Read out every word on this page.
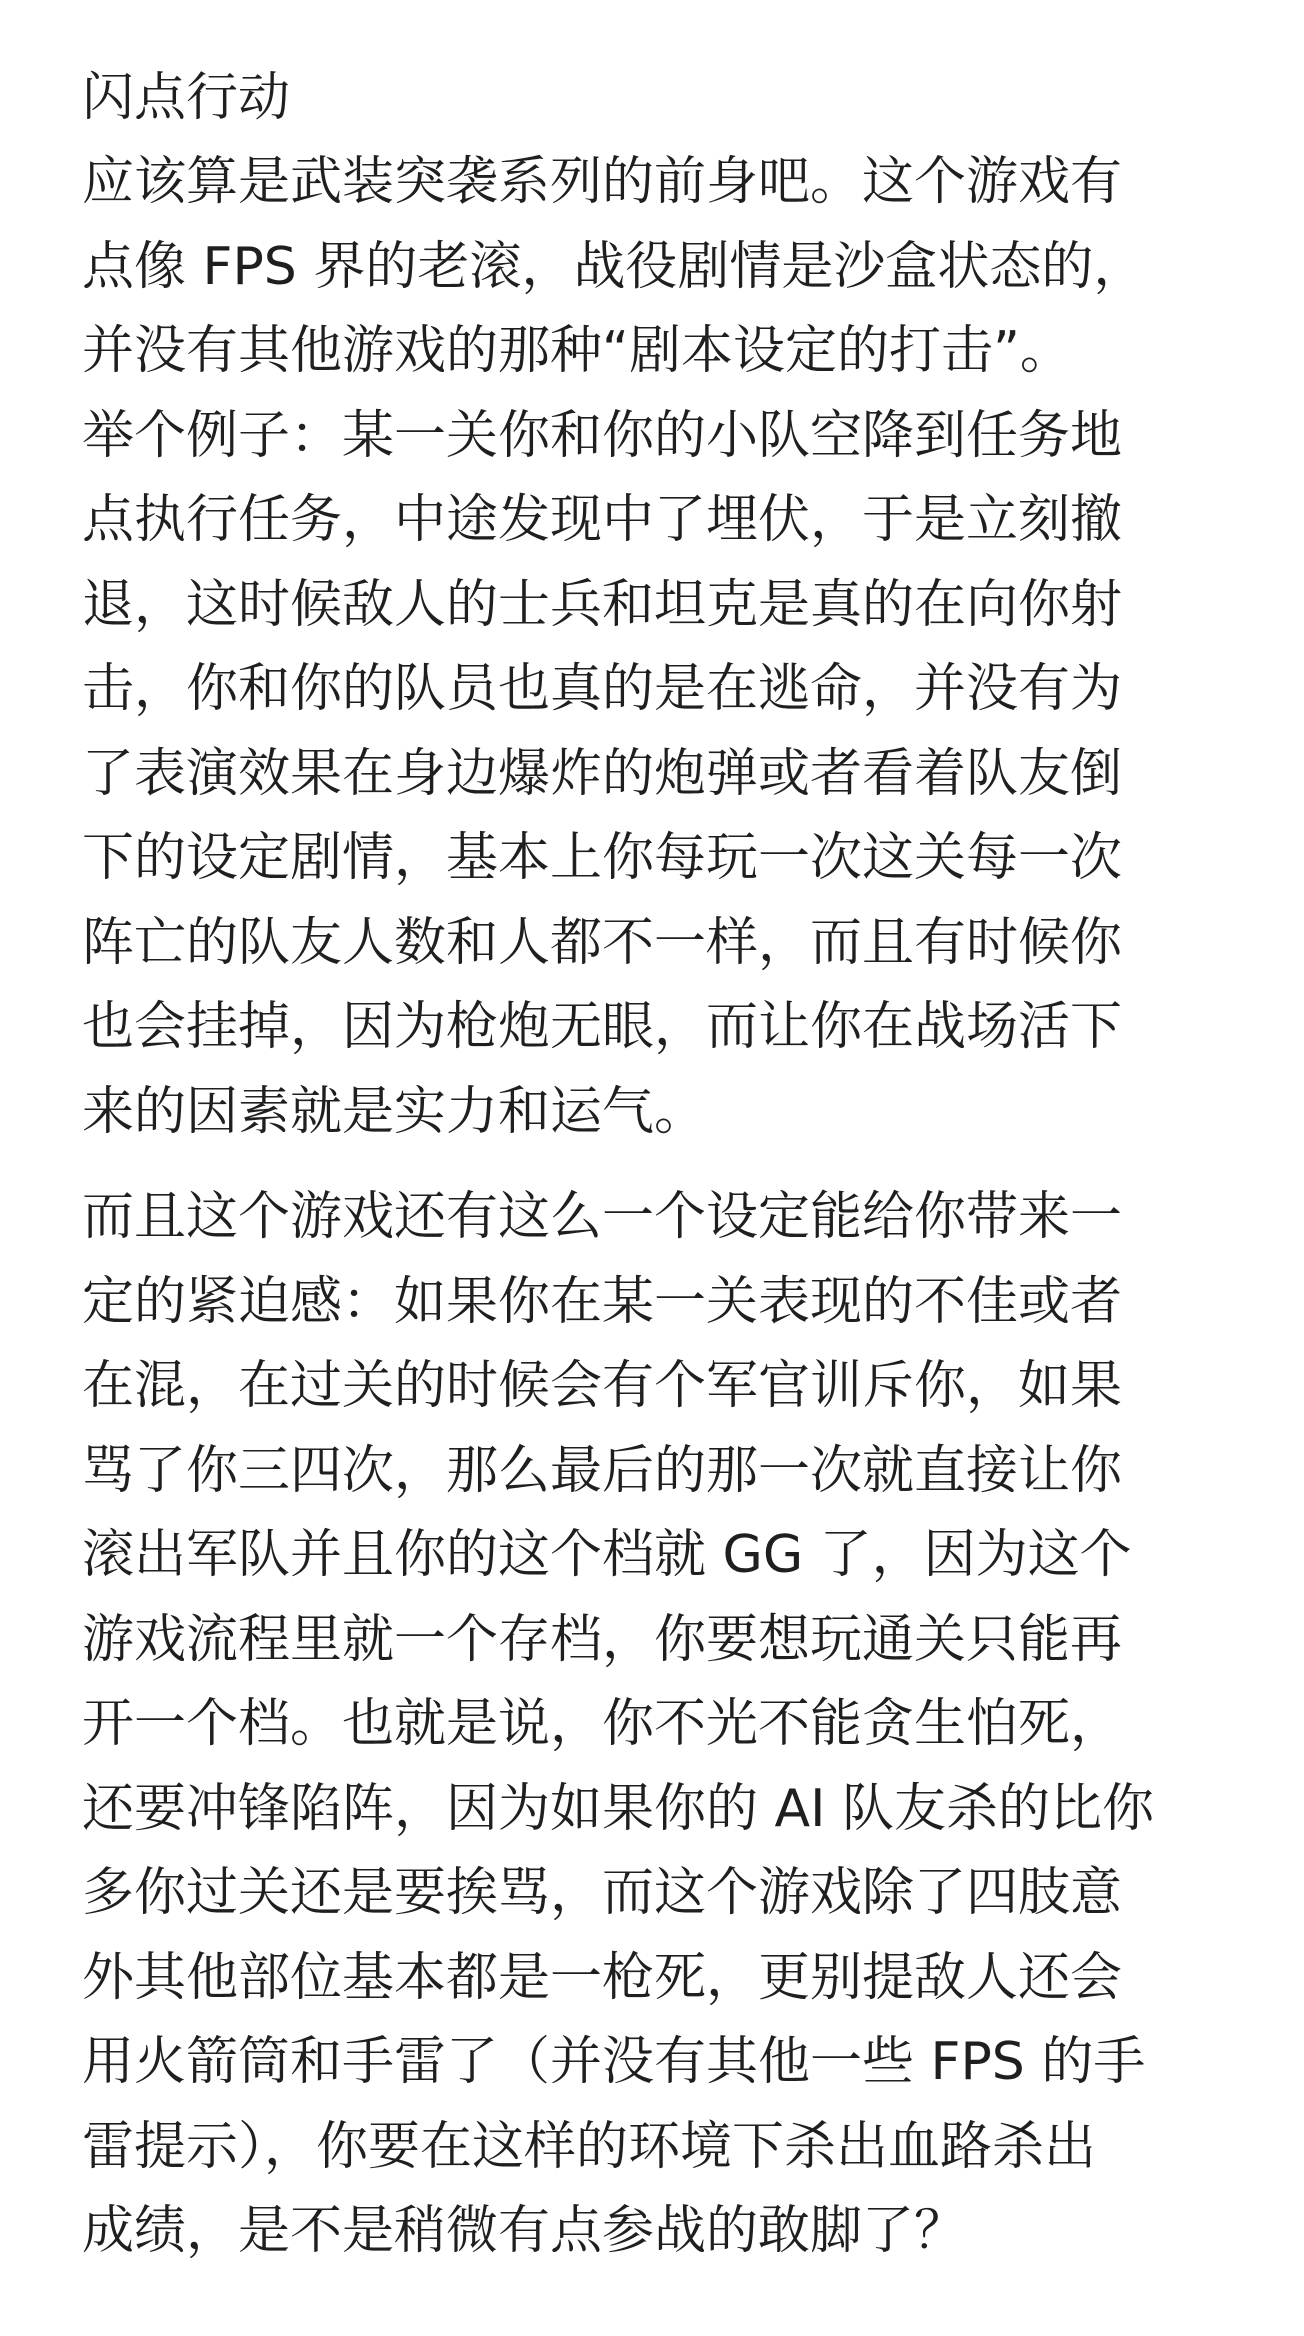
闪点行动
应该算是武装突袭系列的前身吧。这个游戏有
点像 FPS 界的老滚，战役剧情是沙盒状态的，
并没有其他游戏的那种“剧本设定的打击”。
举个例子：某一关你和你的小队空降到任务地
点执行任务，中途发现中了埋伏，于是立刻撤
退，这时候敌人的士兵和坦克是真的在向你射
击，你和你的队员也真的是在逃命，并没有为
了表演效果在身边爆炸的炮弹或者看着队友倒
下的设定剧情，基本上你每玩一次这关每一次
阵亡的队友人数和人都不一样，而且有时候你
也会挂掉，因为枪炮无眼，而让你在战场活下
来的因素就是实力和运气。
而且这个游戏还有这么一个设定能给你带来一
定的紧迫感：如果你在某一关表现的不佳或者
在混，在过关的时候会有个军官训斥你，如果
骂了你三四次，那么最后的那一次就直接让你
滚出军队并且你的这个档就 GG 了，因为这个
游戏流程里就一个存档，你要想玩通关只能再
开一个档。也就是说，你不光不能贪生怕死，
还要冲锋陷阵，因为如果你的 AI 队友杀的比你
多你过关还是要挨骂，而这个游戏除了四肢意
外其他部位基本都是一枪死，更别提敌人还会
用火箭筒和手雷了（并没有其他一些 FPS 的手
雷提示），你要在这样的环境下杀出血路杀出
成绩，是不是稍微有点参战的敢脚了？
